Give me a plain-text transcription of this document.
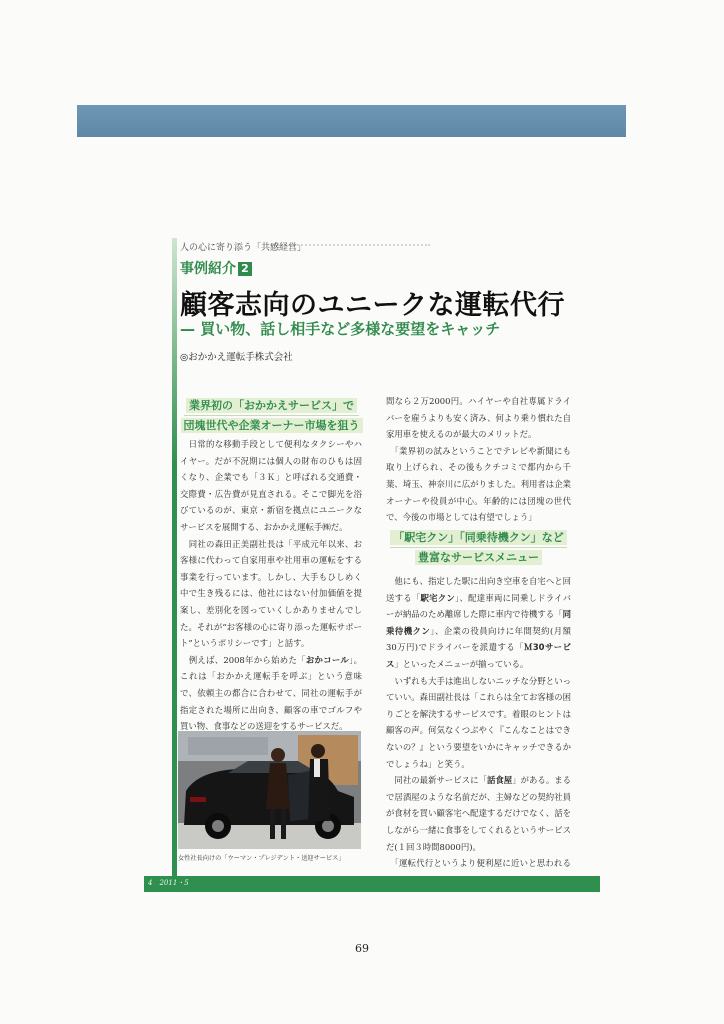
人の心に寄り添う「共感経営」
事例紹介 2
顧客志向のユニークな運転代行
— 買い物、話し相手など多様な要望をキャッチ
◎おかかえ運転手株式会社
業界初の「おかかえサービス」で
団塊世代や企業オーナー市場を狙う

　日常的な移動手段として便利なタクシーやハイヤー。だが不況期には個人の財布のひもは固くなり、企業でも「３Ｋ」と呼ばれる交通費・交際費・広告費が見直される。そこで脚光を浴びているのが、東京・新宿を拠点にユニークなサービスを展開する、おかかえ運転手㈱だ。

　同社の森田正美副社長は「平成元年以来、お客様に代わって自家用車や社用車の運転をする事業を行っています。しかし、大手もひしめく中で生き残るには、他社にはない付加価値を提案し、差別化を図っていくしかありませんでした。それが“お客様の心に寄り添った運転サポート”というポリシーです」と話す。

　例えば、2008年から始めた「おかコール」。これは「おかかえ運転手を呼ぶ」という意味で、依頼主の都合に合わせて、同社の運転手が指定された場所に出向き、顧客の車でゴルフや買い物、食事などの送迎をするサービスだ。

女性社長向けの「ウーマン・プレジデント・送迎サービス」

間なら２万2000円。ハイヤーや自社専属ドライバーを雇うよりも安く済み、何より乗り慣れた自家用車を使えるのが最大のメリットだ。

　「業界初の試みということでテレビや新聞にも取り上げられ、その後もクチコミで都内から千葉、埼玉、神奈川に広がりました。利用者は企業オーナーや役員が中心。年齢的には団塊の世代で、今後の市場としては有望でしょう」

「駅宅クン」「同乗待機クン」など
豊富なサービスメニュー

　他にも、指定した駅に出向き空車を自宅へと回送する「駅宅クン」、配達車両に同乗しドライバーが納品のため離席した際に車内で待機する「同乗待機クン」、企業の役員向けに年間契約(月額30万円)でドライバーを派遣する「Ｍ30サービス」といったメニューが揃っている。

　いずれも大手は進出しないニッチな分野といっていい。森田副社長は「これらは全てお客様の困りごとを解決するサービスです。着眼のヒントは顧客の声。何気なくつぶやく『こんなことはできないの？』という要望をいかにキャッチできるかでしょうね」と笑う。

　同社の最新サービスに「話食屋」がある。まるで居酒屋のような名前だが、主婦などの契約社員が食材を買い顧客宅へ配達するだけでなく、話をしながら一緒に食事をしてくれるというサービスだ(１回３時間8000円)。

　「運転代行というより便利屋に近いと思われる

4　2011・5
69
